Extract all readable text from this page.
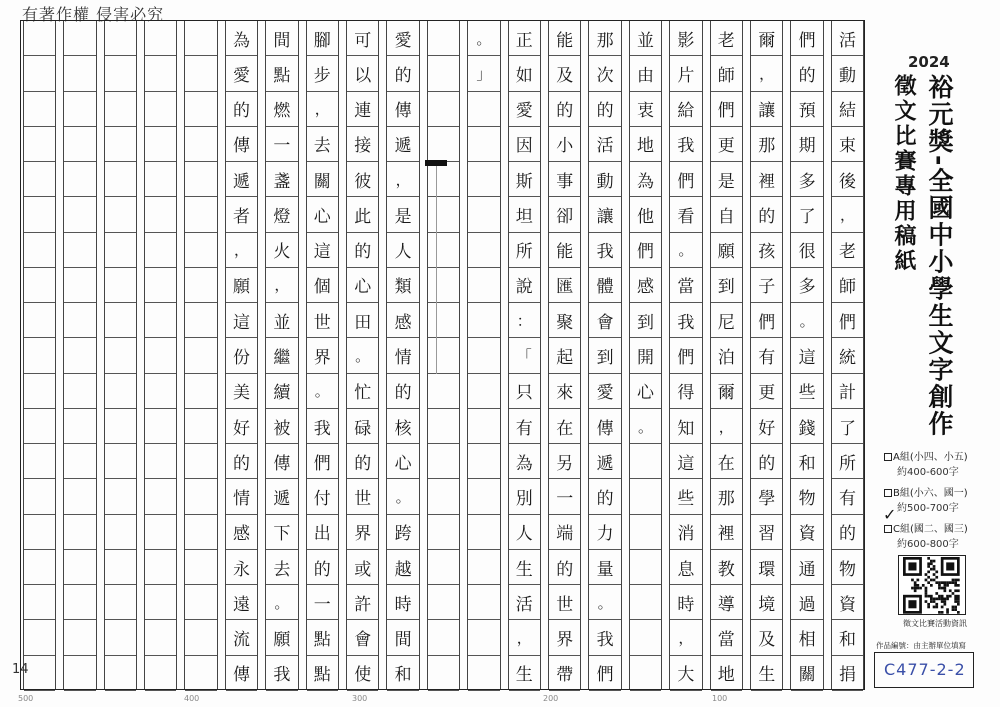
有著作權 侵害必究
活
動
結
束
後
，
老
師
們
統
計
了
所
有
的
物
資
和
捐
們
的
預
期
多
了
很
多
。
這
些
錢
和
物
資
通
過
相
關
爾
，
讓
那
裡
的
孩
子
們
有
更
好
的
學
習
環
境
及
生
老
師
們
更
是
自
願
到
尼
泊
爾
，
在
那
裡
教
導
當
地
影
片
給
我
們
看
。
當
我
們
得
知
這
些
消
息
時
，
大
並
由
衷
地
為
他
們
感
到
開
心
。
那
次
的
活
動
讓
我
體
會
到
愛
傳
遞
的
力
量
。
我
們
能
及
的
小
事
卻
能
匯
聚
起
來
在
另
一
端
的
世
界
帶
正
如
愛
因
斯
坦
所
說
：
「
只
有
為
別
人
生
活
，
生
。
」
愛
的
傳
遞
，
是
人
類
感
情
的
核
心
。
跨
越
時
間
和
可
以
連
接
彼
此
的
心
田
。
忙
碌
的
世
界
或
許
會
使
腳
步
，
去
關
心
這
個
世
界
。
我
們
付
出
的
一
點
點
間
點
燃
一
盞
燈
火
，
並
繼
續
被
傳
遞
下
去
。
願
我
為
愛
的
傳
遞
者
，
願
這
份
美
好
的
情
感
永
遠
流
傳
14
500	400	300	200	100
2024
裕元獎-全國中小學生文字創作
徵文比賽專用稿紙
A組(小四、小五)
約400-600字
B組(小六、國一)
約500-700字
C組(國二、國三)
約600-800字
✓
徵文比賽活動資訊
作品編號：由主辦單位填寫
C477-2-2
